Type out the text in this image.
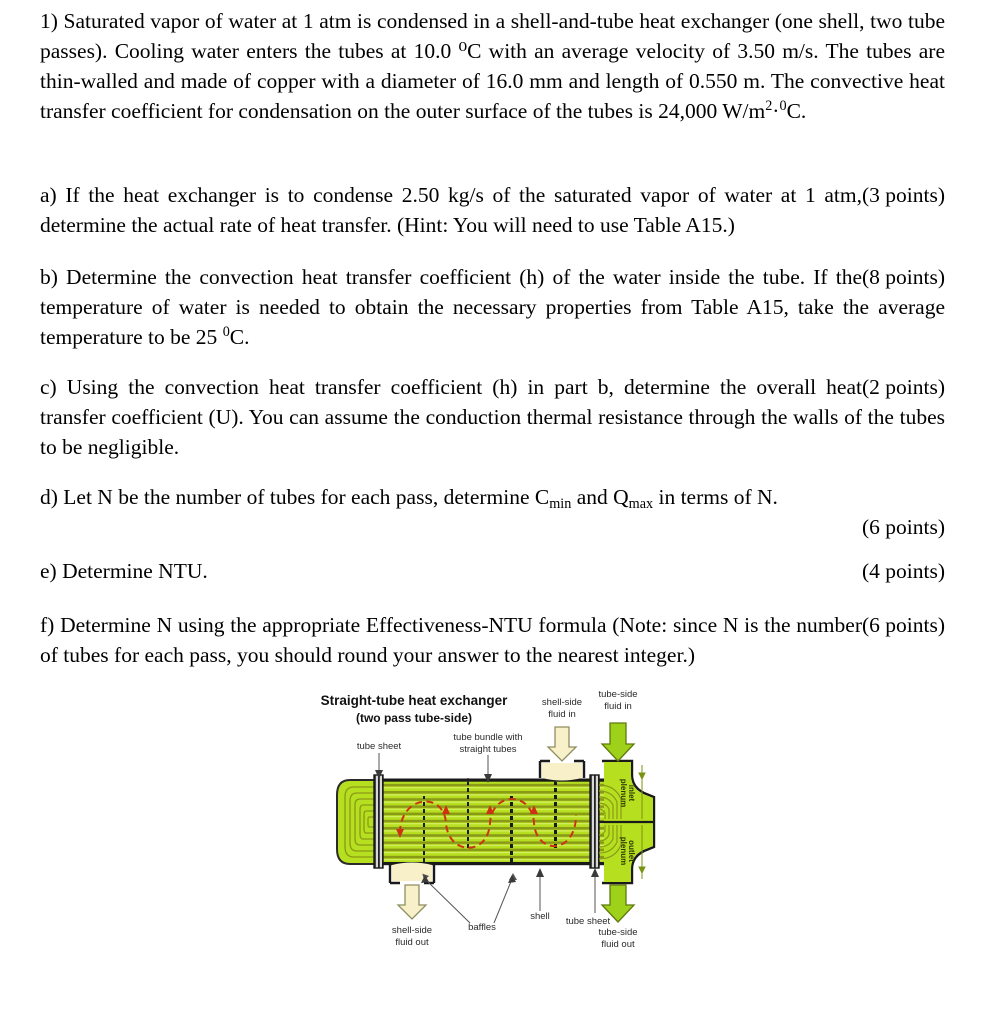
1) Saturated vapor of water at 1 atm is condensed in a shell-and-tube heat exchanger (one shell, two tube passes). Cooling water enters the tubes at 10.0 ⁰C with an average velocity of 3.50 m/s. The tubes are thin-walled and made of copper with a diameter of 16.0 mm and length of 0.550 m. The convective heat transfer coefficient for condensation on the outer surface of the tubes is 24,000 $W/m^2\cdot^0C$.
(3 points)
a) If the heat exchanger is to condense 2.50 kg/s of the saturated vapor of water at 1 atm, determine the actual rate of heat transfer. (Hint: You will need to use Table A15.)
(8 points)
b) Determine the convection heat transfer coefficient (h) of the water inside the tube. If the temperature of water is needed to obtain the necessary properties from Table A15, take the average temperature to be 25 $^0$C.
(2 points)
c) Using the convection heat transfer coefficient (h) in part b, determine the overall heat transfer coefficient (U). You can assume the conduction thermal resistance through the walls of the tubes to be negligible.
d) Let N be the number of tubes for each pass, determine $C_{min}$ and $Q_{max}$ in terms of N.
(6 points)
(4 points)
e) Determine NTU.
(6 points)
f) Determine N using the appropriate Effectiveness-NTU formula (Note: since N is the number of tubes for each pass, you should round your answer to the nearest integer.)
Straight-tube heat exchanger
(two pass tube-side)
inlet
plenum
outlet
plenum
tube sheet
tube bundle with
straight tubes
shell-side
fluid in
tube-side
fluid in
baffles
shell tube sheet
shell-side
fluid out
tube-side
fluid out
